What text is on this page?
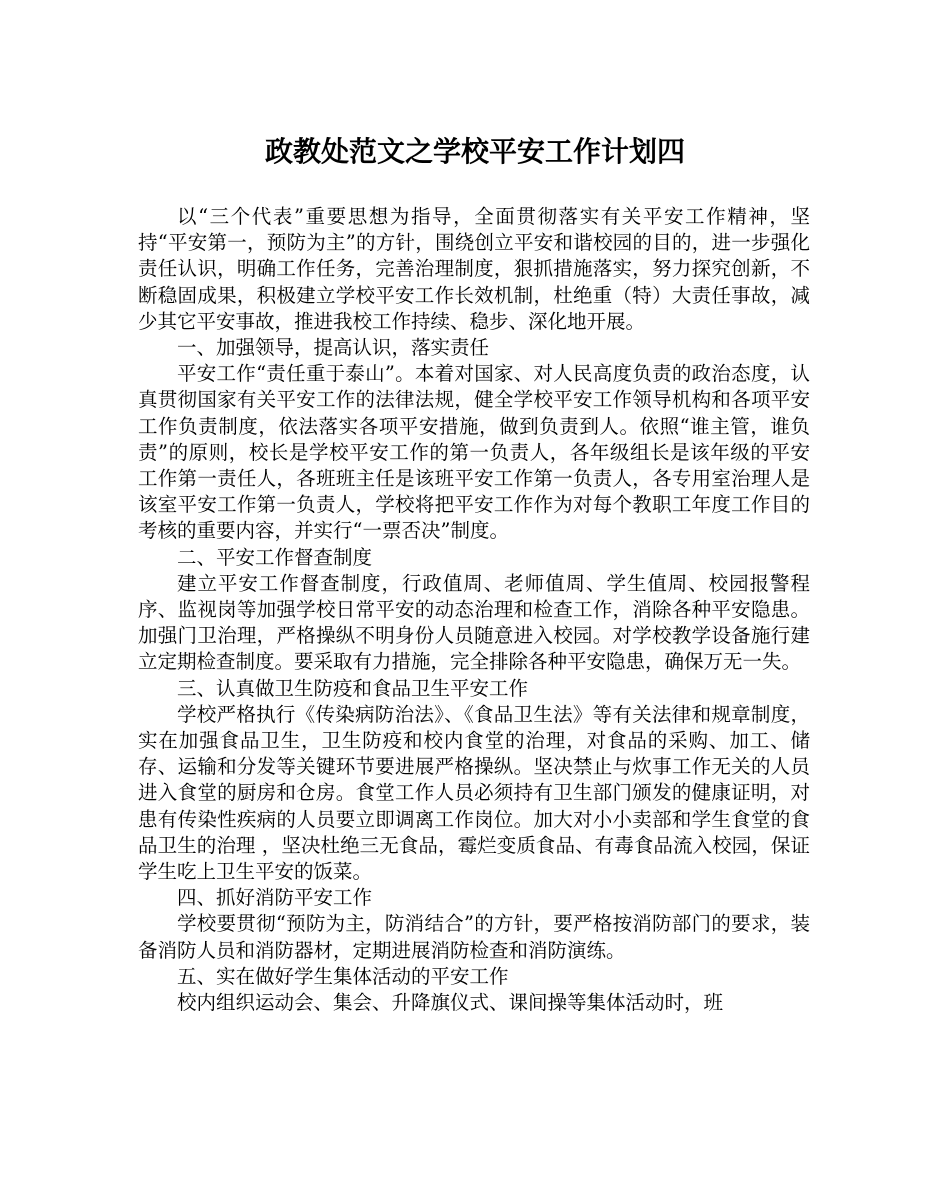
政教处范文之学校平安工作计划四

以“三个代表”重要思想为指导，全面贯彻落实有关平安工作精神，坚持“平安第一，预防为主”的方针，围绕创立平安和谐校园的目的，进一步强化责任认识，明确工作任务，完善治理制度，狠抓措施落实，努力探究创新，不断稳固成果，积极建立学校平安工作长效机制，杜绝重（特）大责任事故，减少其它平安事故，推进我校工作持续、稳步、深化地开展。

一、加强领导，提高认识，落实责任

平安工作“责任重于泰山”。本着对国家、对人民高度负责的政治态度，认真贯彻国家有关平安工作的法律法规，健全学校平安工作领导机构和各项平安工作负责制度，依法落实各项平安措施，做到负责到人。依照“谁主管，谁负责”的原则，校长是学校平安工作的第一负责人，各年级组长是该年级的平安工作第一责任人，各班班主任是该班平安工作第一负责人，各专用室治理人是该室平安工作第一负责人，学校将把平安工作作为对每个教职工年度工作目的考核的重要内容，并实行“一票否决”制度。

二、平安工作督查制度

建立平安工作督查制度，行政值周、老师值周、学生值周、校园报警程序、监视岗等加强学校日常平安的动态治理和检查工作，消除各种平安隐患。加强门卫治理，严格操纵不明身份人员随意进入校园。对学校教学设备施行建立定期检查制度。要采取有力措施，完全排除各种平安隐患，确保万无一失。

三、认真做卫生防疫和食品卫生平安工作

学校严格执行《传染病防治法》、《食品卫生法》等有关法律和规章制度，实在加强食品卫生，卫生防疫和校内食堂的治理，对食品的采购、加工、储存、运输和分发等关键环节要进展严格操纵。坚决禁止与炊事工作无关的人员进入食堂的厨房和仓房。食堂工作人员必须持有卫生部门颁发的健康证明，对患有传染性疾病的人员要立即调离工作岗位。加大对小小卖部和学生食堂的食品卫生的治理 ，坚决杜绝三无食品，霉烂变质食品、有毒食品流入校园，保证学生吃上卫生平安的饭菜。

四、抓好消防平安工作

学校要贯彻“预防为主，防消结合”的方针，要严格按消防部门的要求，装备消防人员和消防器材，定期进展消防检查和消防演练。

五、实在做好学生集体活动的平安工作

校内组织运动会、集会、升降旗仪式、课间操等集体活动时，班
